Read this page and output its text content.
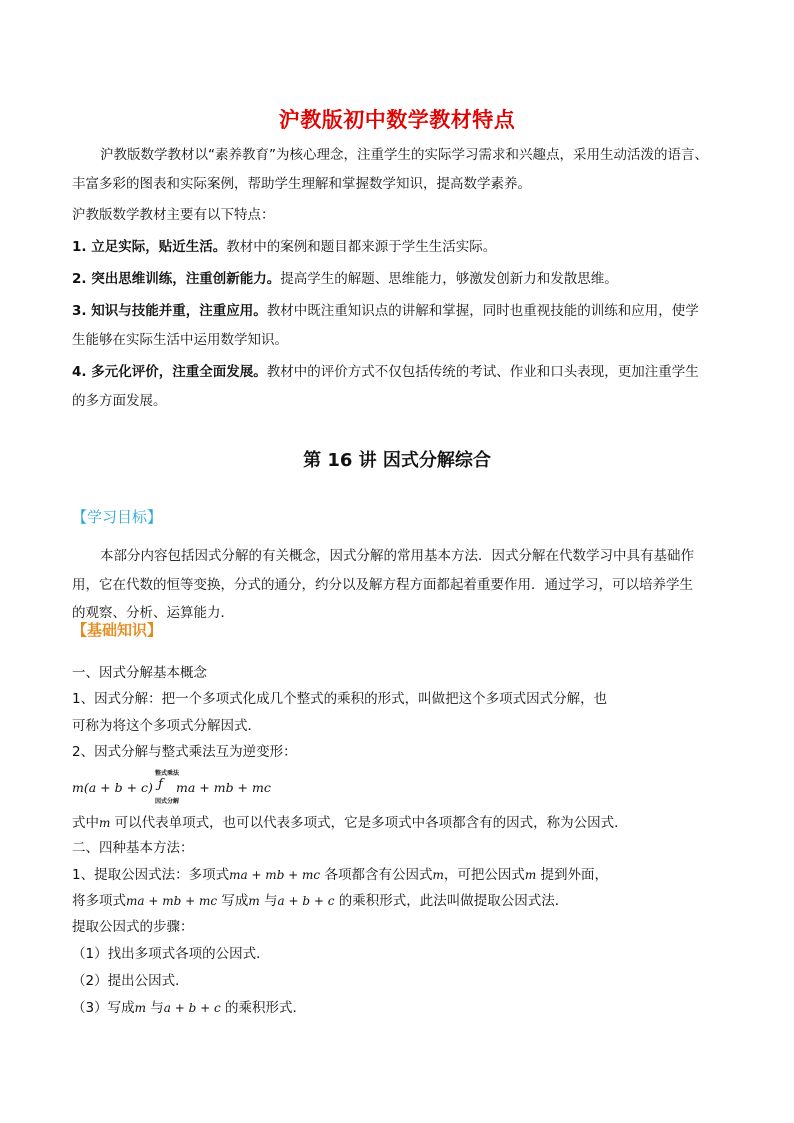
沪教版初中数学教材特点
沪教版数学教材以“素养教育”为核心理念，注重学生的实际学习需求和兴趣点，采用生动活泼的语言、
丰富多彩的图表和实际案例，帮助学生理解和掌握数学知识，提高数学素养。
沪教版数学教材主要有以下特点：
1. 立足实际，贴近生活。教材中的案例和题目都来源于学生生活实际。
2. 突出思维训练，注重创新能力。提高学生的解题、思维能力，够激发创新力和发散思维。
3. 知识与技能并重，注重应用。教材中既注重知识点的讲解和掌握，同时也重视技能的训练和应用，使学
生能够在实际生活中运用数学知识。
4. 多元化评价，注重全面发展。教材中的评价方式不仅包括传统的考试、作业和口头表现，更加注重学生
的多方面发展。
第 16 讲 因式分解综合
【学习目标】
本部分内容包括因式分解的有关概念，因式分解的常用基本方法．因式分解在代数学习中具有基础作
用，它在代数的恒等变换，分式的通分，约分以及解方程方面都起着重要作用．通过学习，可以培养学生
的观察、分析、运算能力．
【基础知识】
一、因式分解基本概念
1、因式分解：把一个多项式化成几个整式的乘积的形式，叫做把这个多项式因式分解，也
可称为将这个多项式分解因式．
2、因式分解与整式乘法互为逆变形：
m(a + b + c)
整式乘法
ƒ
因式分解
ma + mb + mc
式中m 可以代表单项式，也可以代表多项式，它是多项式中各项都含有的因式，称为公因式．
二、四种基本方法：
1、提取公因式法：多项式ma + mb + mc 各项都含有公因式m，可把公因式m 提到外面，
将多项式ma + mb + mc 写成m 与a + b + c 的乘积形式，此法叫做提取公因式法．
提取公因式的步骤：
（1）找出多项式各项的公因式．
（2）提出公因式．
（3）写成m 与a + b + c 的乘积形式．
